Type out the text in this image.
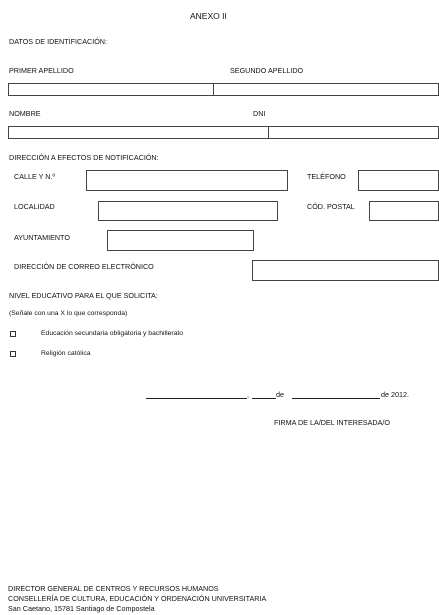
ANEXO II
DATOS DE IDENTIFICACIÓN:
PRIMER APELLIDO	SEGUNDO APELLIDO
NOMBRE	DNI
DIRECCIÓN A EFECTOS DE NOTIFICACIÓN:
CALLE Y N.º	TELÉFONO
LOCALIDAD	CÓD. POSTAL
AYUNTAMIENTO
DIRECCIÓN DE CORREO ELECTRÓNICO
NIVEL EDUCATIVO PARA EL QUE SOLICITA:
(Señale con una X lo que corresponda)
Educación secundaria obligatoria y bachillerato
Religión católica
,	de	de 2012.
FIRMA DE LA/DEL INTERESADA/O
DIRECTOR GENERAL DE CENTROS Y RECURSOS HUMANOS
CONSELLERÍA DE CULTURA, EDUCACIÓN Y ORDENACIÓN UNIVERSITARIA
San Caetano, 15781 Santiago de Compostela
